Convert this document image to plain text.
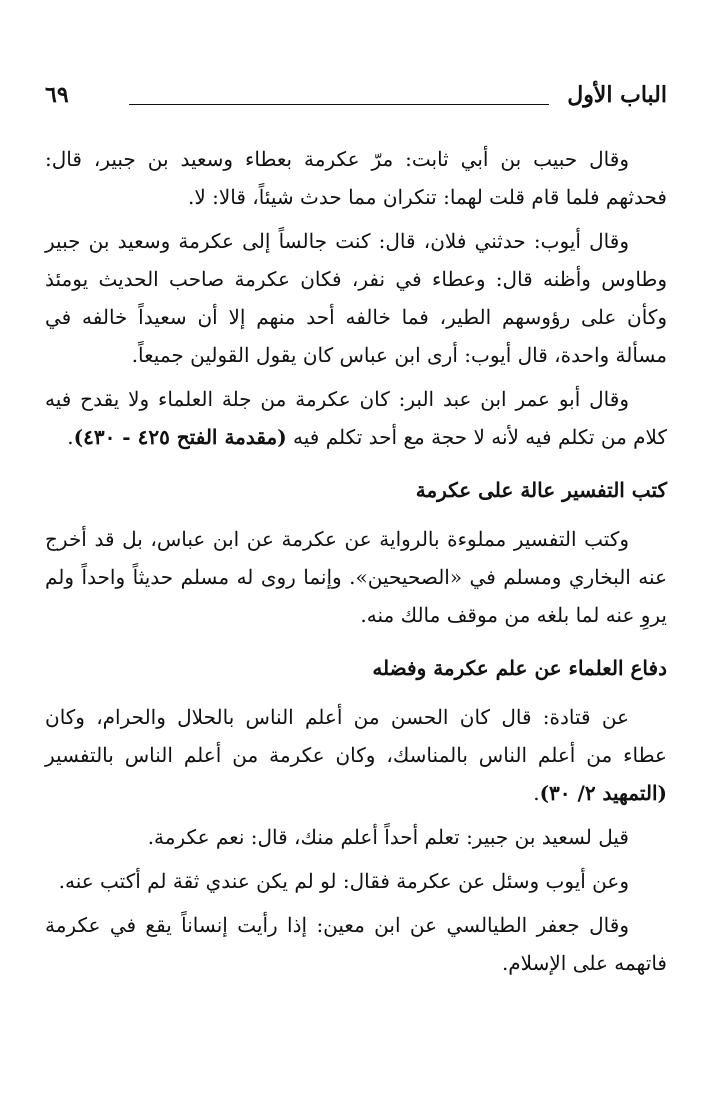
الباب الأول
٦٩

وقال حبيب بن أبي ثابت: مرّ عكرمة بعطاء وسعيد بن جبير، قال: فحدثهم فلما قام قلت لهما: تنكران مما حدث شيئاً، قالا: لا.

وقال أيوب: حدثني فلان، قال: كنت جالساً إلى عكرمة وسعيد بن جبير وطاوس وأظنه قال: وعطاء في نفر، فكان عكرمة صاحب الحديث يومئذ وكأن على رؤوسهم الطير، فما خالفه أحد منهم إلا أن سعيداً خالفه في مسألة واحدة، قال أيوب: أرى ابن عباس كان يقول القولين جميعاً.

وقال أبو عمر ابن عبد البر: كان عكرمة من جلة العلماء ولا يقدح فيه كلام من تكلم فيه لأنه لا حجة مع أحد تكلم فيه (مقدمة الفتح ٤٢٥ - ٤٣٠).

كتب التفسير عالة على عكرمة

وكتب التفسير مملوءة بالرواية عن عكرمة عن ابن عباس، بل قد أخرج عنه البخاري ومسلم في «الصحيحين». وإنما روى له مسلم حديثاً واحداً ولم يروِ عنه لما بلغه من موقف مالك منه.

دفاع العلماء عن علم عكرمة وفضله

عن قتادة: قال كان الحسن من أعلم الناس بالحلال والحرام، وكان عطاء من أعلم الناس بالمناسك، وكان عكرمة من أعلم الناس بالتفسير (التمهيد ٢/ ٣٠).

قيل لسعيد بن جبير: تعلم أحداً أعلم منك، قال: نعم عكرمة.

وعن أيوب وسئل عن عكرمة فقال: لو لم يكن عندي ثقة لم أكتب عنه.

وقال جعفر الطيالسي عن ابن معين: إذا رأيت إنساناً يقع في عكرمة فاتهمه على الإسلام.
